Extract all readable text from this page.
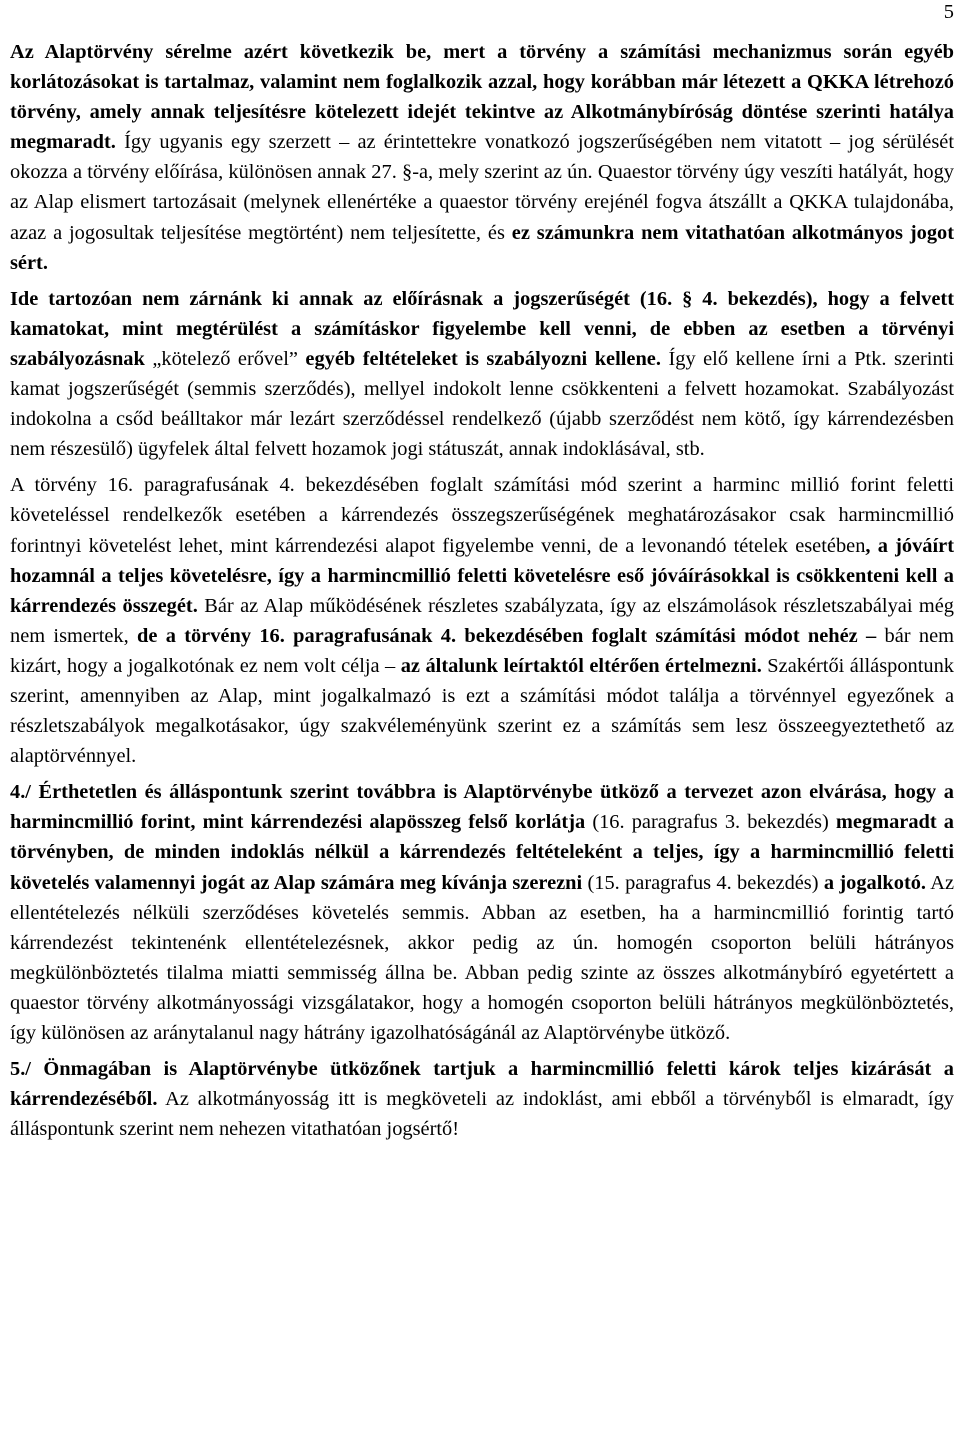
5

Az Alaptörvény sérelme azért következik be, mert a törvény a számítási mechanizmus során egyéb korlátozásokat is tartalmaz, valamint nem foglalkozik azzal, hogy korábban már létezett a QKKA létrehozó törvény, amely annak teljesítésre kötelezett idejét tekintve az Alkotmánybíróság döntése szerinti hatálya megmaradt. Így ugyanis egy szerzett – az érintettekre vonatkozó jogszerűségében nem vitatott – jog sérülését okozza a törvény előírása, különösen annak 27. §-a, mely szerint az ún. Quaestor törvény úgy veszíti hatályát, hogy az Alap elismert tartozásait (melynek ellenértéke a quaestor törvény erejénél fogva átszállt a QKKA tulajdonába, azaz a jogosultak teljesítése megtörtént) nem teljesítette, és ez számunkra nem vitathatóan alkotmányos jogot sért.

Ide tartozóan nem zárnánk ki annak az előírásnak a jogszerűségét (16. § 4. bekezdés), hogy a felvett kamatokat, mint megtérülést a számításkor figyelembe kell venni, de ebben az esetben a törvényi szabályozásnak „kötelező erővel” egyéb feltételeket is szabályozni kellene. Így elő kellene írni a Ptk. szerinti kamat jogszerűségét (semmis szerződés), mellyel indokolt lenne csökkenteni a felvett hozamokat. Szabályozást indokolna a csőd beálltakor már lezárt szerződéssel rendelkező (újabb szerződést nem kötő, így kárrendezésben nem részesülő) ügyfelek által felvett hozamok jogi státuszát, annak indoklásával, stb.

A törvény 16. paragrafusának 4. bekezdésében foglalt számítási mód szerint a harminc millió forint feletti követeléssel rendelkezők esetében a kárrendezés összegszerűségének meghatározásakor csak harmincmillió forintnyi követelést lehet, mint kárrendezési alapot figyelembe venni, de a levonandó tételek esetében, a jóváírt hozamnál a teljes követelésre, így a harmincmillió feletti követelésre eső jóváírásokkal is csökkenteni kell a kárrendezés összegét. Bár az Alap működésének részletes szabályzata, így az elszámolások részletszabályai még nem ismertek, de a törvény 16. paragrafusának 4. bekezdésében foglalt számítási módot nehéz – bár nem kizárt, hogy a jogalkotónak ez nem volt célja – az általunk leírtaktól eltérően értelmezni. Szakértői álláspontunk szerint, amennyiben az Alap, mint jogalkalmazó is ezt a számítási módot találja a törvénnyel egyezőnek a részletszabályok megalkotásakor, úgy szakvéleményünk szerint ez a számítás sem lesz összeegyeztethető az alaptörvénnyel.

4./ Érthetetlen és álláspontunk szerint továbbra is Alaptörvénybe ütköző a tervezet azon elvárása, hogy a harmincmillió forint, mint kárrendezési alapösszeg felső korlátja (16. paragrafus 3. bekezdés) megmaradt a törvényben, de minden indoklás nélkül a kárrendezés feltételeként a teljes, így a harmincmillió feletti követelés valamennyi jogát az Alap számára meg kívánja szerezni (15. paragrafus 4. bekezdés) a jogalkotó. Az ellentételezés nélküli szerződéses követelés semmis. Abban az esetben, ha a harmincmillió forintig tartó kárrendezést tekintenénk ellentételezésnek, akkor pedig az ún. homogén csoporton belüli hátrányos megkülönböztetés tilalma miatti semmisség állna be. Abban pedig szinte az összes alkotmánybíró egyetértett a quaestor törvény alkotmányossági vizsgálatakor, hogy a homogén csoporton belüli hátrányos megkülönböztetés, így különösen az aránytalanul nagy hátrány igazolhatóságánál az Alaptörvénybe ütköző.

5./ Önmagában is Alaptörvénybe ütközőnek tartjuk a harmincmillió feletti károk teljes kizárását a kárrendezéséből. Az alkotmányosság itt is megköveteli az indoklást, ami ebből a törvényből is elmaradt, így álláspontunk szerint nem nehezen vitathatóan jogsértő!
